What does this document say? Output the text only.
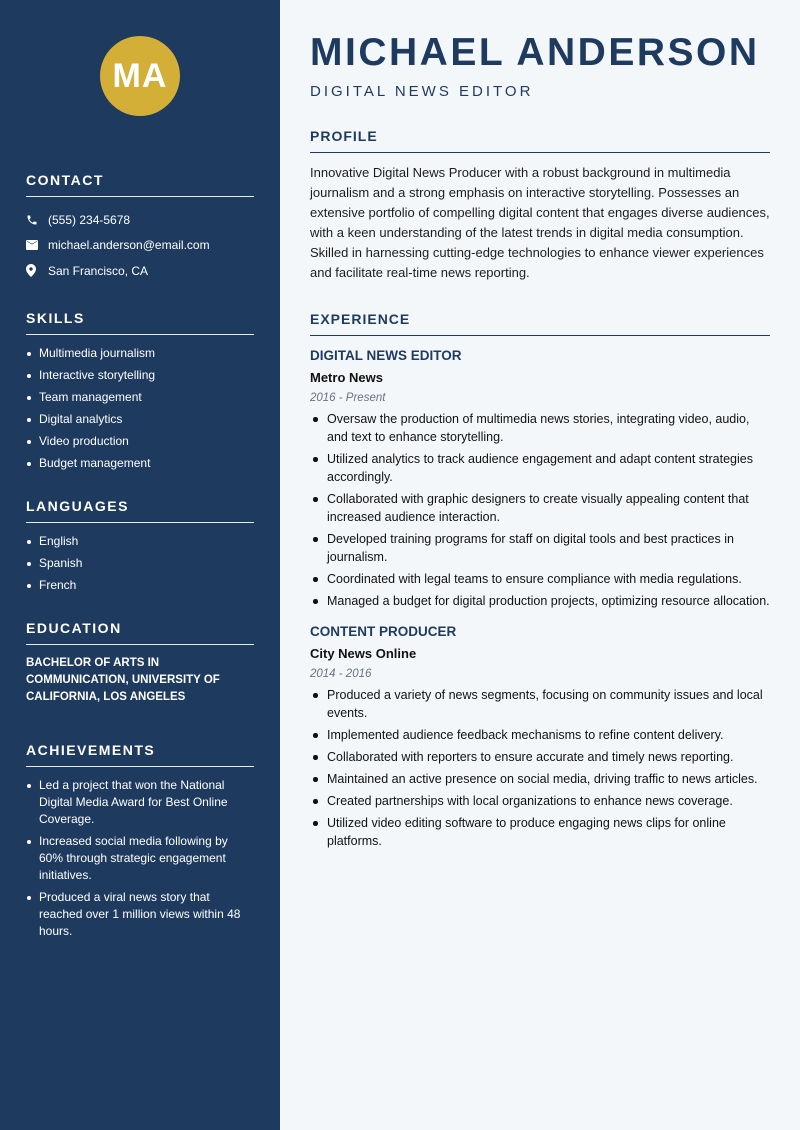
MA
CONTACT
(555) 234-5678
michael.anderson@email.com
San Francisco, CA
SKILLS
Multimedia journalism
Interactive storytelling
Team management
Digital analytics
Video production
Budget management
LANGUAGES
English
Spanish
French
EDUCATION
BACHELOR OF ARTS IN COMMUNICATION, UNIVERSITY OF CALIFORNIA, LOS ANGELES
ACHIEVEMENTS
Led a project that won the National Digital Media Award for Best Online Coverage.
Increased social media following by 60% through strategic engagement initiatives.
Produced a viral news story that reached over 1 million views within 48 hours.
MICHAEL ANDERSON
DIGITAL NEWS EDITOR
PROFILE

Innovative Digital News Producer with a robust background in multimedia journalism and a strong emphasis on interactive storytelling. Possesses an extensive portfolio of compelling digital content that engages diverse audiences, with a keen understanding of the latest trends in digital media consumption. Skilled in harnessing cutting-edge technologies to enhance viewer experiences and facilitate real-time news reporting.

EXPERIENCE
DIGITAL NEWS EDITOR
Metro News
2016 - Present
Oversaw the production of multimedia news stories, integrating video, audio, and text to enhance storytelling.
Utilized analytics to track audience engagement and adapt content strategies accordingly.
Collaborated with graphic designers to create visually appealing content that increased audience interaction.
Developed training programs for staff on digital tools and best practices in journalism.
Coordinated with legal teams to ensure compliance with media regulations.
Managed a budget for digital production projects, optimizing resource allocation.
CONTENT PRODUCER
City News Online
2014 - 2016
Produced a variety of news segments, focusing on community issues and local events.
Implemented audience feedback mechanisms to refine content delivery.
Collaborated with reporters to ensure accurate and timely news reporting.
Maintained an active presence on social media, driving traffic to news articles.
Created partnerships with local organizations to enhance news coverage.
Utilized video editing software to produce engaging news clips for online platforms.
